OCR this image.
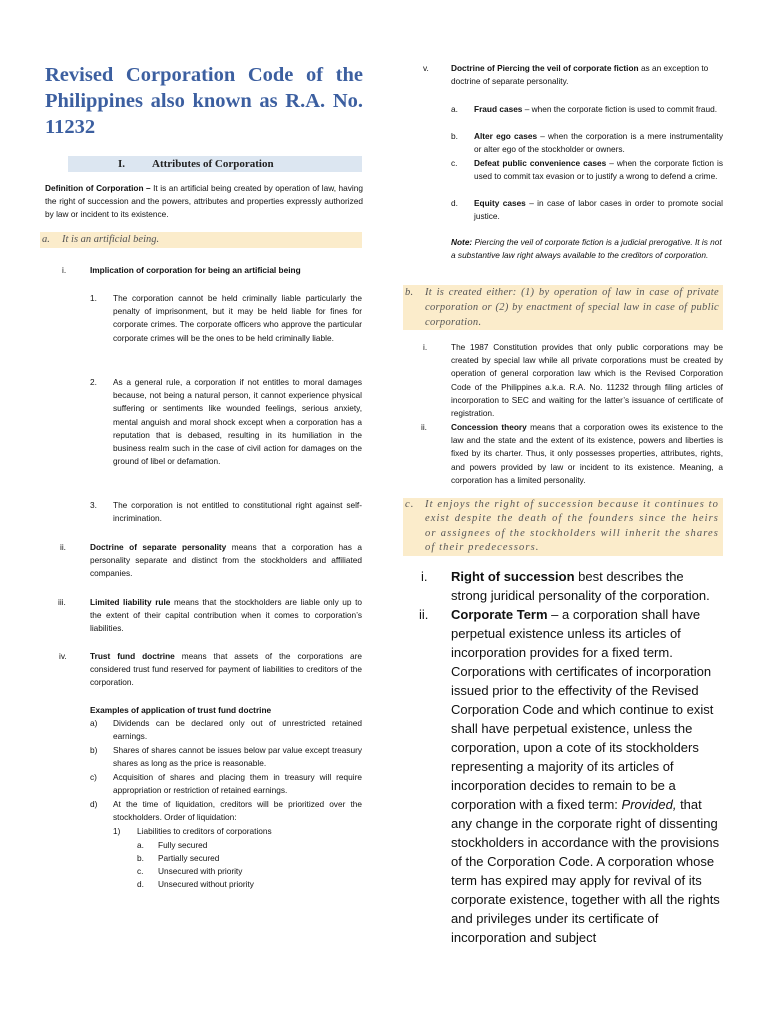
Revised Corporation Code of the Philippines also known as R.A. No. 11232
I. Attributes of Corporation

Definition of Corporation – It is an artificial being created by operation of law, having the right of succession and the powers, attributes and properties expressly authorized by law or incident to its existence.

a. It is an artificial being.
i.	Implication of corporation for being an artificial being
1. The corporation cannot be held criminally liable particularly the penalty of imprisonment, but it may be held liable for fines for corporate crimes. The corporate officers who approve the particular corporate crimes will be the ones to be held criminally liable.

2. As a general rule, a corporation if not entitles to moral damages because, not being a natural person, it cannot experience physical suffering or sentiments like wounded feelings, serious anxiety, mental anguish and moral shock except when a corporation has a reputation that is debased, resulting in its humiliation in the business realm such in the case of civil action for damages on the ground of libel or defamation.

3. The corporation is not entitled to constitutional right against self-incrimination.

ii.	Doctrine of separate personality means that a corporation has a personality separate and distinct from the stockholders and affiliated companies.

iii.	Limited liability rule means that the stockholders are liable only up to the extent of their capital contribution when it comes to corporation’s liabilities.

iv.	Trust fund doctrine means that assets of the corporations are considered trust fund reserved for payment of liabilities to creditors of the corporation.

Examples of application of trust fund doctrine
a) Dividends can be declared only out of unrestricted retained earnings.

b) Shares of shares cannot be issues below par value except treasury shares as long as the price is reasonable.

c) Acquisition of shares and placing them in treasury will require appropriation or restriction of retained earnings.

d) At the time of liquidation, creditors will be prioritized over the stockholders. Order of liquidation:

1) Liabilities to creditors of corporations

a. Fully secured

b. Partially secured

c. Unsecured with priority

d. Unsecured without priority

v.	Doctrine of Piercing the veil of corporate fiction as an exception to doctrine of separate personality.

a. Fraud cases – when the corporate fiction is used to commit fraud.

b. Alter ego cases – when the corporation is a mere instrumentality or alter ego of the stockholder or owners.

c. Defeat public convenience cases – when the corporate fiction is used to commit tax evasion or to justify a wrong to defend a crime.

d. Equity cases – in case of labor cases in order to promote social justice.

Note: Piercing the veil of corporate fiction is a judicial prerogative. It is not a substantive law right always available to the creditors of corporation.

b. It is created either: (1) by operation of law in case of private corporation or (2) by enactment of special law in case of public corporation.
i.	The 1987 Constitution provides that only public corporations may be created by special law while all private corporations must be created by operation of general corporation law which is the Revised Corporation Code of the Philippines a.k.a. R.A. No. 11232 through filing articles of incorporation to SEC and waiting for the latter’s issuance of certificate of registration.

ii.	Concession theory means that a corporation owes its existence to the law and the state and the extent of its existence, powers and liberties is fixed by its charter. Thus, it only possesses properties, attributes, rights, and powers provided by law or incident to its existence. Meaning, a corporation has a limited personality.

c. It enjoys the right of succession because it continues to exist despite the death of the founders since the heirs or assignees of the stockholders will inherit the shares of their predecessors.
i. Right of succession best describes the strong juridical personality of the corporation.

ii. Corporate Term – a corporation shall have perpetual existence unless its articles of incorporation provides for a fixed term. Corporations with certificates of incorporation issued prior to the effectivity of the Revised Corporation Code and which continue to exist shall have perpetual existence, unless the corporation, upon a cote of its stockholders representing a majority of its articles of incorporation decides to remain to be a corporation with a fixed term: Provided, that any change in the corporate right of dissenting stockholders in accordance with the provisions of the Corporation Code. A corporation whose term has expired may apply for revival of its corporate existence, together with all the rights and privileges under its certificate of incorporation and subject
